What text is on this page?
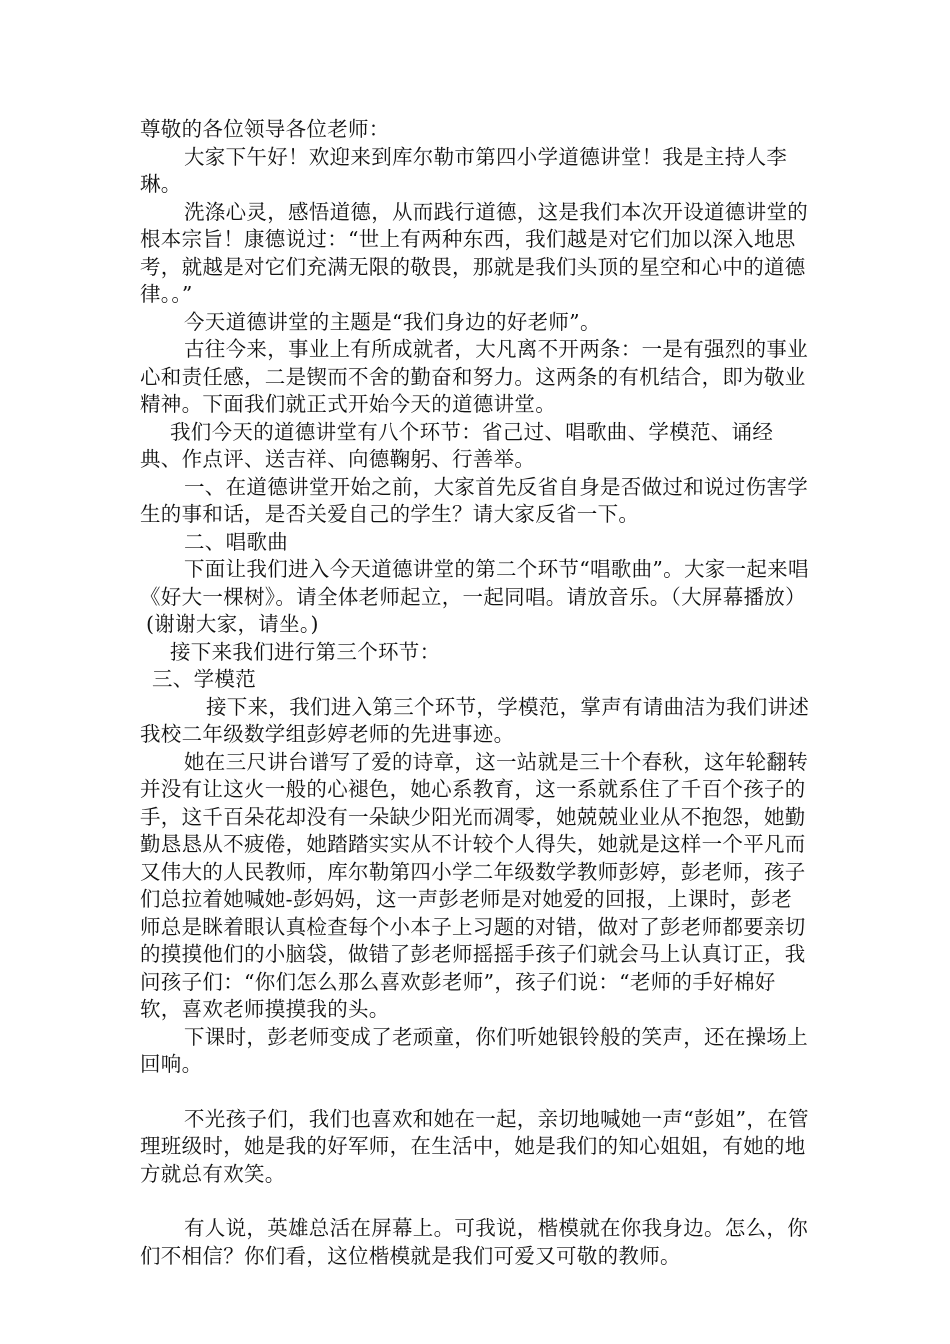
尊敬的各位领导各位老师：

大家下午好！欢迎来到库尔勒市第四小学道德讲堂！我是主持人李琳。

洗涤心灵，感悟道德，从而践行道德，这是我们本次开设道德讲堂的根本宗旨！康德说过：“世上有两种东西，我们越是对它们加以深入地思考，就越是对它们充满无限的敬畏，那就是我们头顶的星空和心中的道德律。。”

今天道德讲堂的主题是“我们身边的好老师”。

古往今来，事业上有所成就者，大凡离不开两条：一是有强烈的事业心和责任感，二是锲而不舍的勤奋和努力。这两条的有机结合，即为敬业精神。下面我们就正式开始今天的道德讲堂。

我们今天的道德讲堂有八个环节：省己过、唱歌曲、学模范、诵经典、作点评、送吉祥、向德鞠躬、行善举。

一、在道德讲堂开始之前，大家首先反省自身是否做过和说过伤害学生的事和话，是否关爱自己的学生？请大家反省一下。

二、唱歌曲

下面让我们进入今天道德讲堂的第二个环节“唱歌曲”。大家一起来唱《好大一棵树》。请全体老师起立，一起同唱。请放音乐。（大屏幕播放）

(谢谢大家，请坐。)

接下来我们进行第三个环节：

三、学模范

接下来，我们进入第三个环节，学模范，掌声有请曲洁为我们讲述我校二年级数学组彭婷老师的先进事迹。

她在三尺讲台谱写了爱的诗章，这一站就是三十个春秋，这年轮翻转并没有让这火一般的心褪色，她心系教育，这一系就系住了千百个孩子的手，这千百朵花却没有一朵缺少阳光而凋零，她兢兢业业从不抱怨，她勤勤恳恳从不疲倦，她踏踏实实从不计较个人得失，她就是这样一个平凡而又伟大的人民教师，库尔勒第四小学二年级数学教师彭婷，彭老师，孩子们总拉着她喊她-彭妈妈，这一声彭老师是对她爱的回报，上课时，彭老师总是眯着眼认真检查每个小本子上习题的对错，做对了彭老师都要亲切的摸摸他们的小脑袋，做错了彭老师摇摇手孩子们就会马上认真订正，我问孩子们：“你们怎么那么喜欢彭老师”，孩子们说：“老师的手好棉好软，喜欢老师摸摸我的头。

下课时，彭老师变成了老顽童，你们听她银铃般的笑声，还在操场上回响。

不光孩子们，我们也喜欢和她在一起，亲切地喊她一声“彭姐”，在管理班级时，她是我的好军师，在生活中，她是我们的知心姐姐，有她的地方就总有欢笑。

有人说，英雄总活在屏幕上。可我说，楷模就在你我身边。怎么，你们不相信？你们看，这位楷模就是我们可爱又可敬的教师。
